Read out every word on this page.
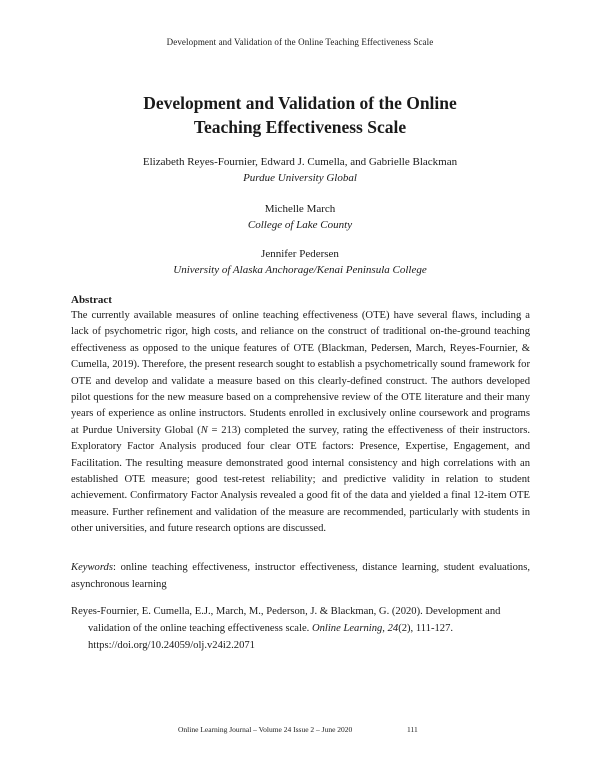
Development and Validation of the Online Teaching Effectiveness Scale
Development and Validation of the Online
Teaching Effectiveness Scale
Elizabeth Reyes-Fournier, Edward J. Cumella, and Gabrielle Blackman
Purdue University Global
Michelle March
College of Lake County
Jennifer Pedersen
University of Alaska Anchorage/Kenai Peninsula College
Abstract
The currently available measures of online teaching effectiveness (OTE) have several flaws, including a lack of psychometric rigor, high costs, and reliance on the construct of traditional on-the-ground teaching effectiveness as opposed to the unique features of OTE (Blackman, Pedersen, March, Reyes-Fournier, & Cumella, 2019). Therefore, the present research sought to establish a psychometrically sound framework for OTE and develop and validate a measure based on this clearly-defined construct. The authors developed pilot questions for the new measure based on a comprehensive review of the OTE literature and their many years of experience as online instructors. Students enrolled in exclusively online coursework and programs at Purdue University Global (N = 213) completed the survey, rating the effectiveness of their instructors. Exploratory Factor Analysis produced four clear OTE factors: Presence, Expertise, Engagement, and Facilitation. The resulting measure demonstrated good internal consistency and high correlations with an established OTE measure; good test-retest reliability; and predictive validity in relation to student achievement. Confirmatory Factor Analysis revealed a good fit of the data and yielded a final 12-item OTE measure. Further refinement and validation of the measure are recommended, particularly with students in other universities, and future research options are discussed.
Keywords: online teaching effectiveness, instructor effectiveness, distance learning, student evaluations, asynchronous learning
Reyes-Fournier, E. Cumella, E.J., March, M., Pederson, J. & Blackman, G. (2020). Development and validation of the online teaching effectiveness scale. Online Learning, 24(2), 111-127. https://doi.org/10.24059/olj.v24i2.2071
Online Learning Journal – Volume 24 Issue 2 – June 2020	111
